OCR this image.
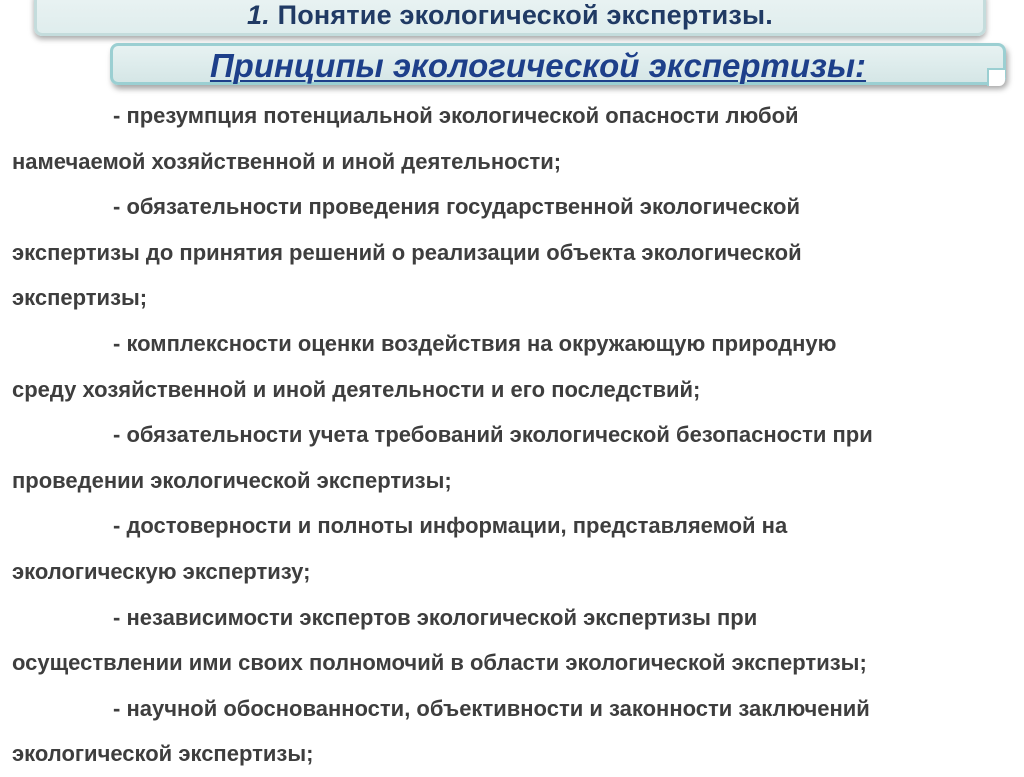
1. Понятие экологической экспертизы.
Принципы экологической экспертизы:
- презумпция потенциальной экологической опасности любой
намечаемой хозяйственной и иной деятельности;
- обязательности проведения государственной экологической
экспертизы до принятия решений о реализации объекта экологической
экспертизы;
- комплексности оценки воздействия на окружающую природную
среду хозяйственной и иной деятельности и его последствий;
- обязательности учета требований экологической безопасности при
проведении экологической экспертизы;
- достоверности и полноты информации, представляемой на
экологическую экспертизу;
- независимости экспертов экологической экспертизы при
осуществлении ими своих полномочий в области экологической экспертизы;
- научной обоснованности, объективности и законности заключений
экологической экспертизы;
